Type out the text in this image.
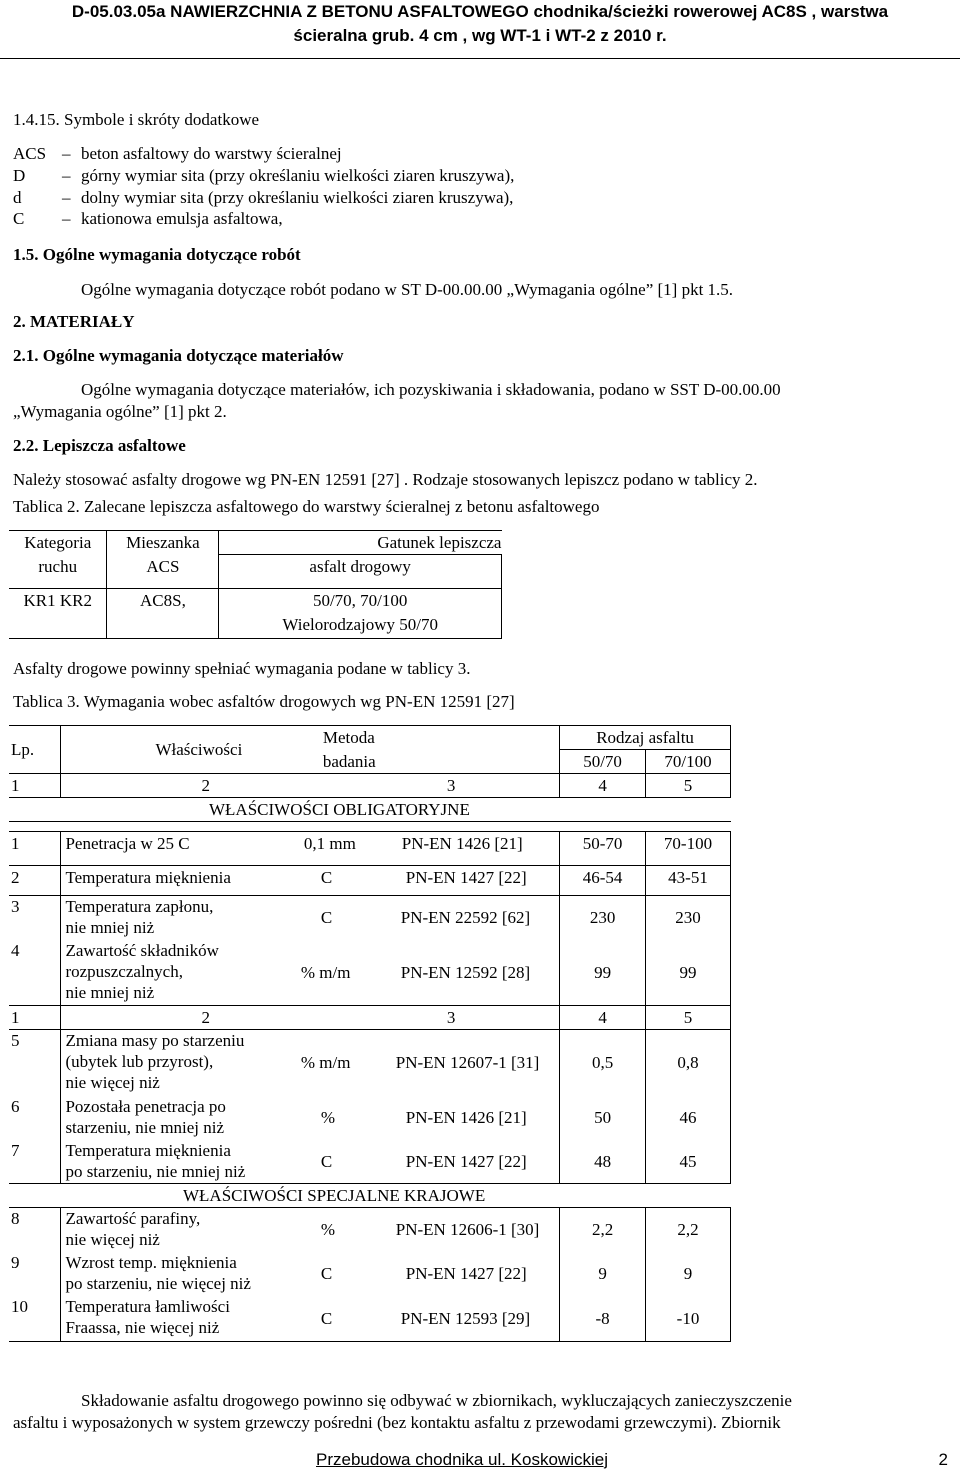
D-05.03.05a NAWIERZCHNIA Z BETONU ASFALTOWEGO chodnika/ścieżki rowerowej AC8S , warstwa
ścieralna grub. 4 cm , wg WT-1 i WT-2 z 2010 r.
1.4.15. Symbole i skróty dodatkowe
ACS – beton asfaltowy do warstwy ścieralnej
D – górny wymiar sita (przy określaniu wielkości ziaren kruszywa),
d – dolny wymiar sita (przy określaniu wielkości ziaren kruszywa),
C – kationowa emulsja asfaltowa,
1.5. Ogólne wymagania dotyczące robót
Ogólne wymagania dotyczące robót podano w ST D-00.00.00 „Wymagania ogólne” [1] pkt 1.5.
2. MATERIAŁY
2.1. Ogólne wymagania dotyczące materiałów
Ogólne wymagania dotyczące materiałów, ich pozyskiwania i składowania, podano w SST D-00.00.00
„Wymagania ogólne” [1] pkt 2.
2.2. Lepiszcza asfaltowe
Należy stosować asfalty drogowe wg PN-EN 12591 [27] . Rodzaje stosowanych lepiszcz podano w tablicy 2.
Tablica 2. Zalecane lepiszcza asfaltowego do warstwy ścieralnej z betonu asfaltowego
Kategoria	Mieszanka	Gatunek lepiszcza
ruchu	ACS	asfalt drogowy

KR1 KR2	AC8S,	50/70, 70/100
		Wielorodzajowy 50/70
Asfalty drogowe powinny spełniać wymagania podane w tablicy 3.
Tablica 3. Wymagania wobec asfaltów drogowych wg PN-EN 12591 [27]
Lp.	Właściwości	Metoda		Rodzaj asfaltu	
		badania		50/70	70/100
1	2	3		4	5
WŁAŚCIWOŚCI OBLIGATORYJNE					

1	Penetracja w 25 C	0,1 mm	PN-EN 1426 [21]	50-70	70-100

2	Temperatura mięknienia	C	PN-EN 1427 [22]	46-54	43-51

3	Temperatura zapłonu,
nie mniej niż	C	PN-EN 22592 [62]	230	230
4	Zawartość składników
rozpuszczalnych,
nie mniej niż	% m/m	PN-EN 12592 [28]	99	99
1	2	3		4	5
5	Zmiana masy po starzeniu
(ubytek lub przyrost),
nie więcej niż	% m/m	PN-EN 12607-1 [31]	0,5	0,8
6	Pozostała penetracja po
starzeniu, nie mniej niż	%	PN-EN 1426 [21]	50	46
7	Temperatura mięknienia
po starzeniu, nie mniej niż	C	PN-EN 1427 [22]	48	45
WŁAŚCIWOŚCI SPECJALNE KRAJOWE					
8	Zawartość parafiny,
nie więcej niż	%	PN-EN 12606-1 [30]	2,2	2,2
9	Wzrost temp. mięknienia
po starzeniu, nie więcej niż	C	PN-EN 1427 [22]	9	9
10	Temperatura łamliwości
Fraassa, nie więcej niż	C	PN-EN 12593 [29]	-8	-10
Składowanie asfaltu drogowego powinno się odbywać w zbiornikach, wykluczających zanieczyszczenie
asfaltu i wyposażonych w system grzewczy pośredni (bez kontaktu asfaltu z przewodami grzewczymi). Zbiornik
Przebudowa chodnika ul. Koskowickiej	2
